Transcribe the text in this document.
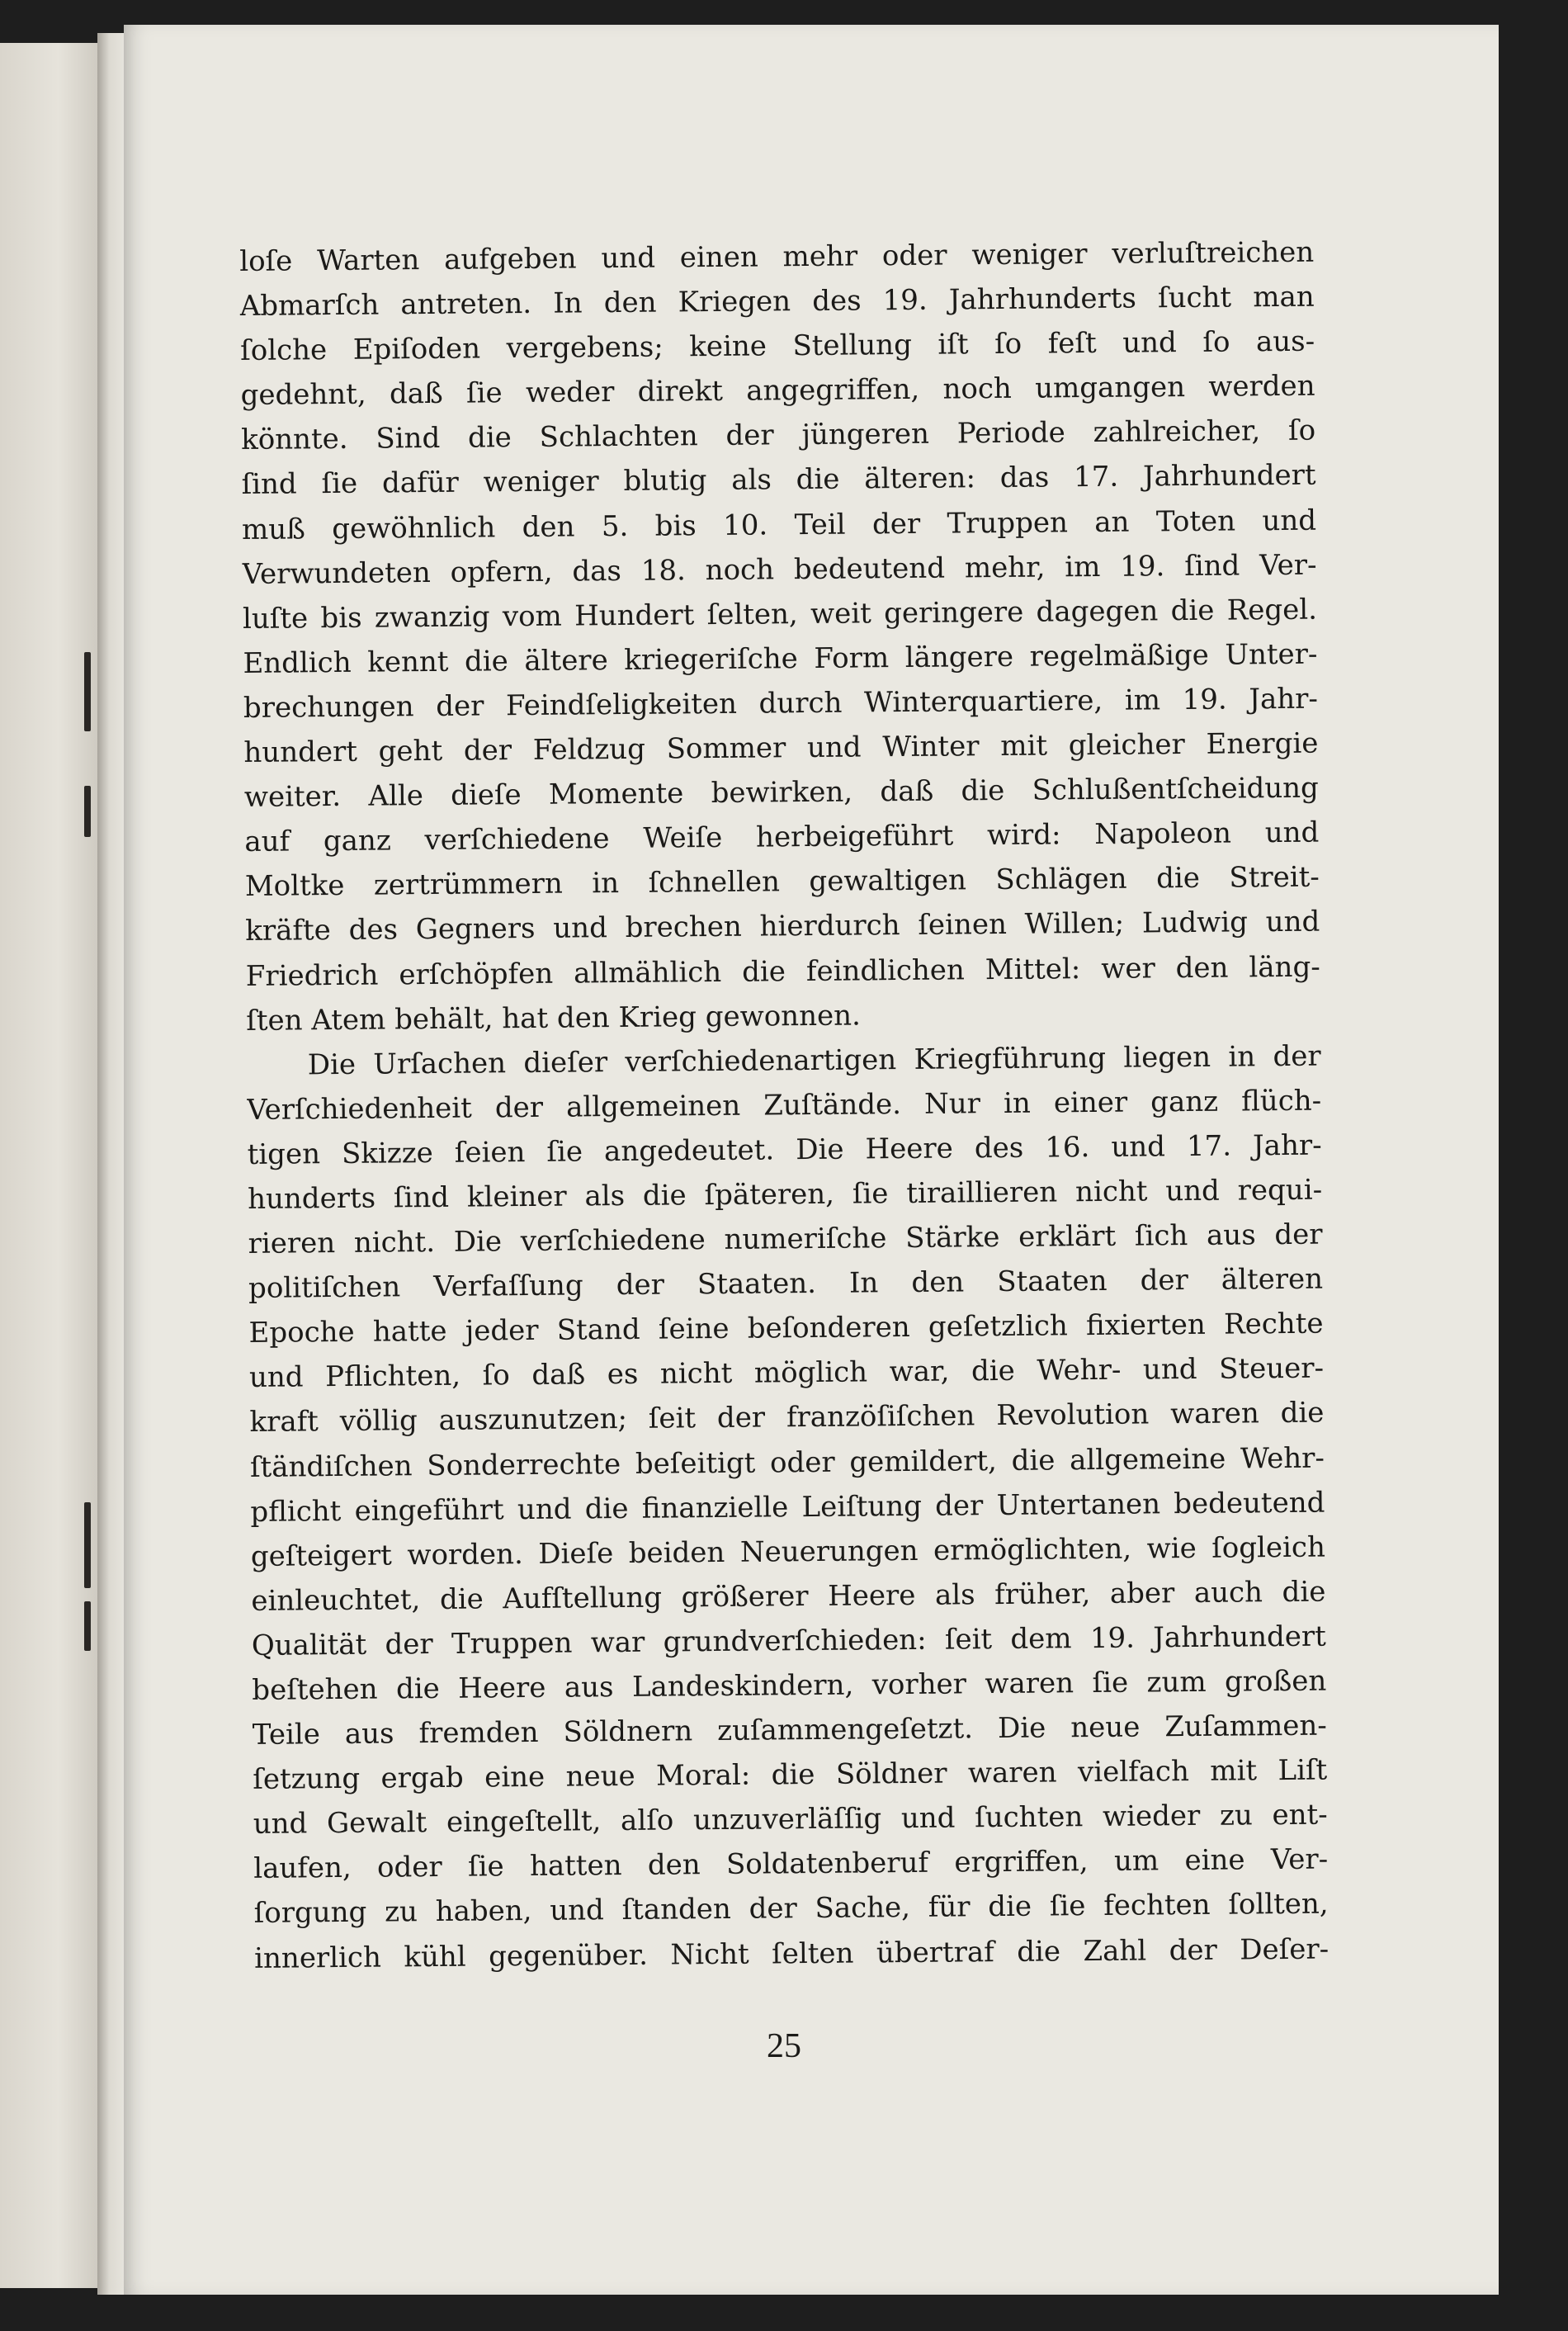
loſe Warten aufgeben und einen mehr oder weniger verluſtreichen
Abmarſch antreten. In den Kriegen des 19. Jahrhunderts ſucht man
ſolche Epiſoden vergebens; keine Stellung iſt ſo feſt und ſo aus-
gedehnt, daß ſie weder direkt angegriffen, noch umgangen werden
könnte. Sind die Schlachten der jüngeren Periode zahlreicher, ſo
ſind ſie dafür weniger blutig als die älteren: das 17. Jahrhundert
muß gewöhnlich den 5. bis 10. Teil der Truppen an Toten und
Verwundeten opfern, das 18. noch bedeutend mehr, im 19. ſind Ver-
luſte bis zwanzig vom Hundert ſelten, weit geringere dagegen die Regel.
Endlich kennt die ältere kriegeriſche Form längere regelmäßige Unter-
brechungen der Feindſeligkeiten durch Winterquartiere, im 19. Jahr-
hundert geht der Feldzug Sommer und Winter mit gleicher Energie
weiter. Alle dieſe Momente bewirken, daß die Schlußentſcheidung
auf ganz verſchiedene Weiſe herbeigeführt wird: Napoleon und
Moltke zertrümmern in ſchnellen gewaltigen Schlägen die Streit-
kräfte des Gegners und brechen hierdurch ſeinen Willen; Ludwig und
Friedrich erſchöpfen allmählich die feindlichen Mittel: wer den läng-
ſten Atem behält, hat den Krieg gewonnen.
Die Urſachen dieſer verſchiedenartigen Kriegführung liegen in der
Verſchiedenheit der allgemeinen Zuſtände. Nur in einer ganz flüch-
tigen Skizze ſeien ſie angedeutet. Die Heere des 16. und 17. Jahr-
hunderts ſind kleiner als die ſpäteren, ſie tiraillieren nicht und requi-
rieren nicht. Die verſchiedene numeriſche Stärke erklärt ſich aus der
politiſchen Verfaſſung der Staaten. In den Staaten der älteren
Epoche hatte jeder Stand ſeine beſonderen geſetzlich fixierten Rechte
und Pflichten, ſo daß es nicht möglich war, die Wehr- und Steuer-
kraft völlig auszunutzen; ſeit der franzöſiſchen Revolution waren die
ſtändiſchen Sonderrechte beſeitigt oder gemildert, die allgemeine Wehr-
pflicht eingeführt und die finanzielle Leiſtung der Untertanen bedeutend
geſteigert worden. Dieſe beiden Neuerungen ermöglichten, wie ſogleich
einleuchtet, die Aufſtellung größerer Heere als früher, aber auch die
Qualität der Truppen war grundverſchieden: ſeit dem 19. Jahrhundert
beſtehen die Heere aus Landeskindern, vorher waren ſie zum großen
Teile aus fremden Söldnern zuſammengeſetzt. Die neue Zuſammen-
ſetzung ergab eine neue Moral: die Söldner waren vielfach mit Liſt
und Gewalt eingeſtellt, alſo unzuverläſſig und ſuchten wieder zu ent-
laufen, oder ſie hatten den Soldatenberuf ergriffen, um eine Ver-
ſorgung zu haben, und ſtanden der Sache, für die ſie fechten ſollten,
innerlich kühl gegenüber. Nicht ſelten übertraf die Zahl der Deſer-
25
